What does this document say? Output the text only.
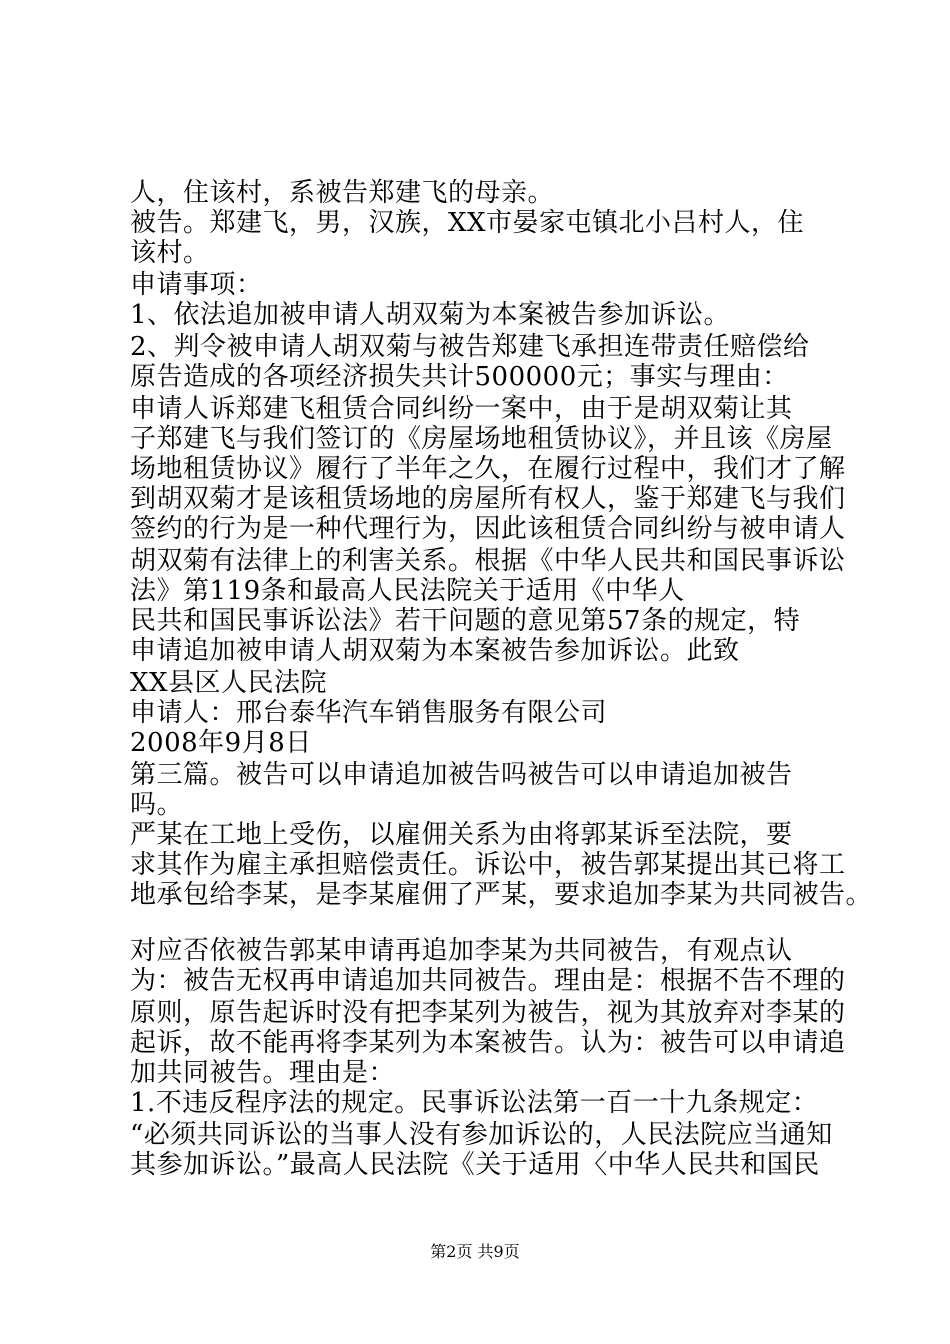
人，住该村，系被告郑建飞的母亲。
被告。郑建飞，男，汉族，XX市晏家屯镇北小吕村人，住
该村。
申请事项：
1、依法追加被申请人胡双菊为本案被告参加诉讼。
2、判令被申请人胡双菊与被告郑建飞承担连带责任赔偿给
原告造成的各项经济损失共计500000元；事实与理由：
申请人诉郑建飞租赁合同纠纷一案中，由于是胡双菊让其
子郑建飞与我们签订的《房屋场地租赁协议》，并且该《房屋
场地租赁协议》履行了半年之久，在履行过程中，我们才了解
到胡双菊才是该租赁场地的房屋所有权人，鉴于郑建飞与我们
签约的行为是一种代理行为，因此该租赁合同纠纷与被申请人
胡双菊有法律上的利害关系。根据《中华人民共和国民事诉讼
法》第119条和最高人民法院关于适用《中华人
民共和国民事诉讼法》若干问题的意见第57条的规定，特
申请追加被申请人胡双菊为本案被告参加诉讼。此致
XX县区人民法院
申请人：邢台泰华汽车销售服务有限公司
2008年9月8日
第三篇。被告可以申请追加被告吗被告可以申请追加被告
吗。
严某在工地上受伤，以雇佣关系为由将郭某诉至法院，要
求其作为雇主承担赔偿责任。诉讼中，被告郭某提出其已将工
地承包给李某，是李某雇佣了严某，要求追加李某为共同被告。
对应否依被告郭某申请再追加李某为共同被告，有观点认
为：被告无权再申请追加共同被告。理由是：根据不告不理的
原则，原告起诉时没有把李某列为被告，视为其放弃对李某的
起诉，故不能再将李某列为本案被告。认为：被告可以申请追
加共同被告。理由是：
1.不违反程序法的规定。民事诉讼法第一百一十九条规定：
“必须共同诉讼的当事人没有参加诉讼的，人民法院应当通知
其参加诉讼。”最高人民法院《关于适用〈中华人民共和国民
第2页 共9页
